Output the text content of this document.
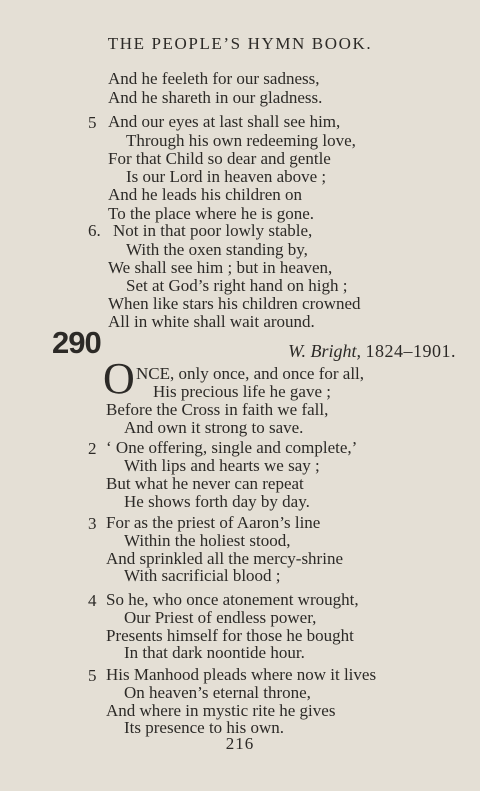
THE PEOPLE’S HYMN BOOK.
And he feeleth for our sadness,
And he shareth in our gladness.
5 And our eyes at last shall see him,
Through his own redeeming love,
For that Child so dear and gentle
Is our Lord in heaven above ;
And he leads his children on
To the place where he is gone.
6. Not in that poor lowly stable,
With the oxen standing by,
We shall see him ; but in heaven,
Set at God’s right hand on high ;
When like stars his children crowned
All in white shall wait around.
290	W. Bright, 1824–1901.
O NCE, only once, and once for all,
His precious life he gave ;
Before the Cross in faith we fall,
And own it strong to save.
2 ‘ One offering, single and complete,’
With lips and hearts we say ;
But what he never can repeat
He shows forth day by day.
3 For as the priest of Aaron’s line
Within the holiest stood,
And sprinkled all the mercy-shrine
With sacrificial blood ;
4 So he, who once atonement wrought,
Our Priest of endless power,
Presents himself for those he bought
In that dark noontide hour.
5 His Manhood pleads where now it lives
On heaven’s eternal throne,
And where in mystic rite he gives
Its presence to his own.
216
